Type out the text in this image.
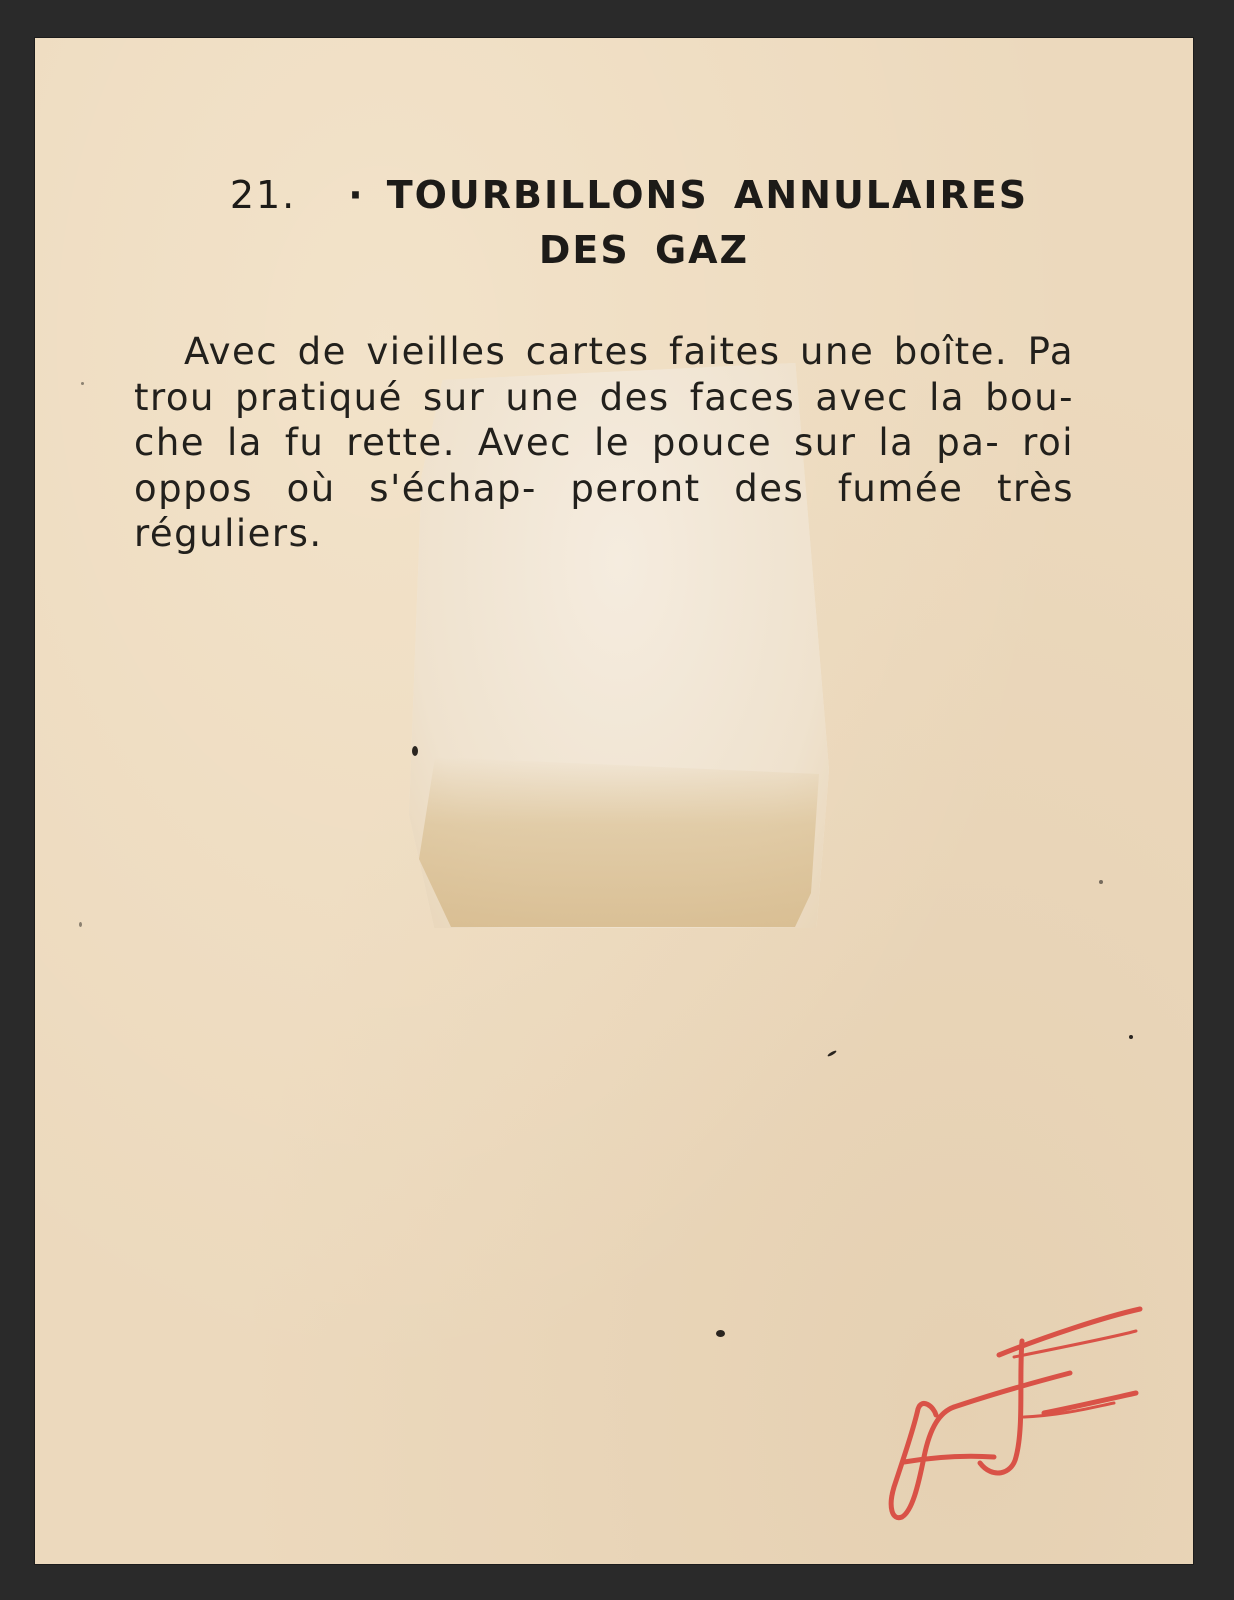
21. · TOURBILLONS ANNULAIRES
DES GAZ
Avec de vieilles cartes faites une boîte. Pa trou pratiqué sur une des faces avec la bou- che la fu rette. Avec le pouce sur la pa- roi oppos où s'échap- peront des fumée très réguliers.
